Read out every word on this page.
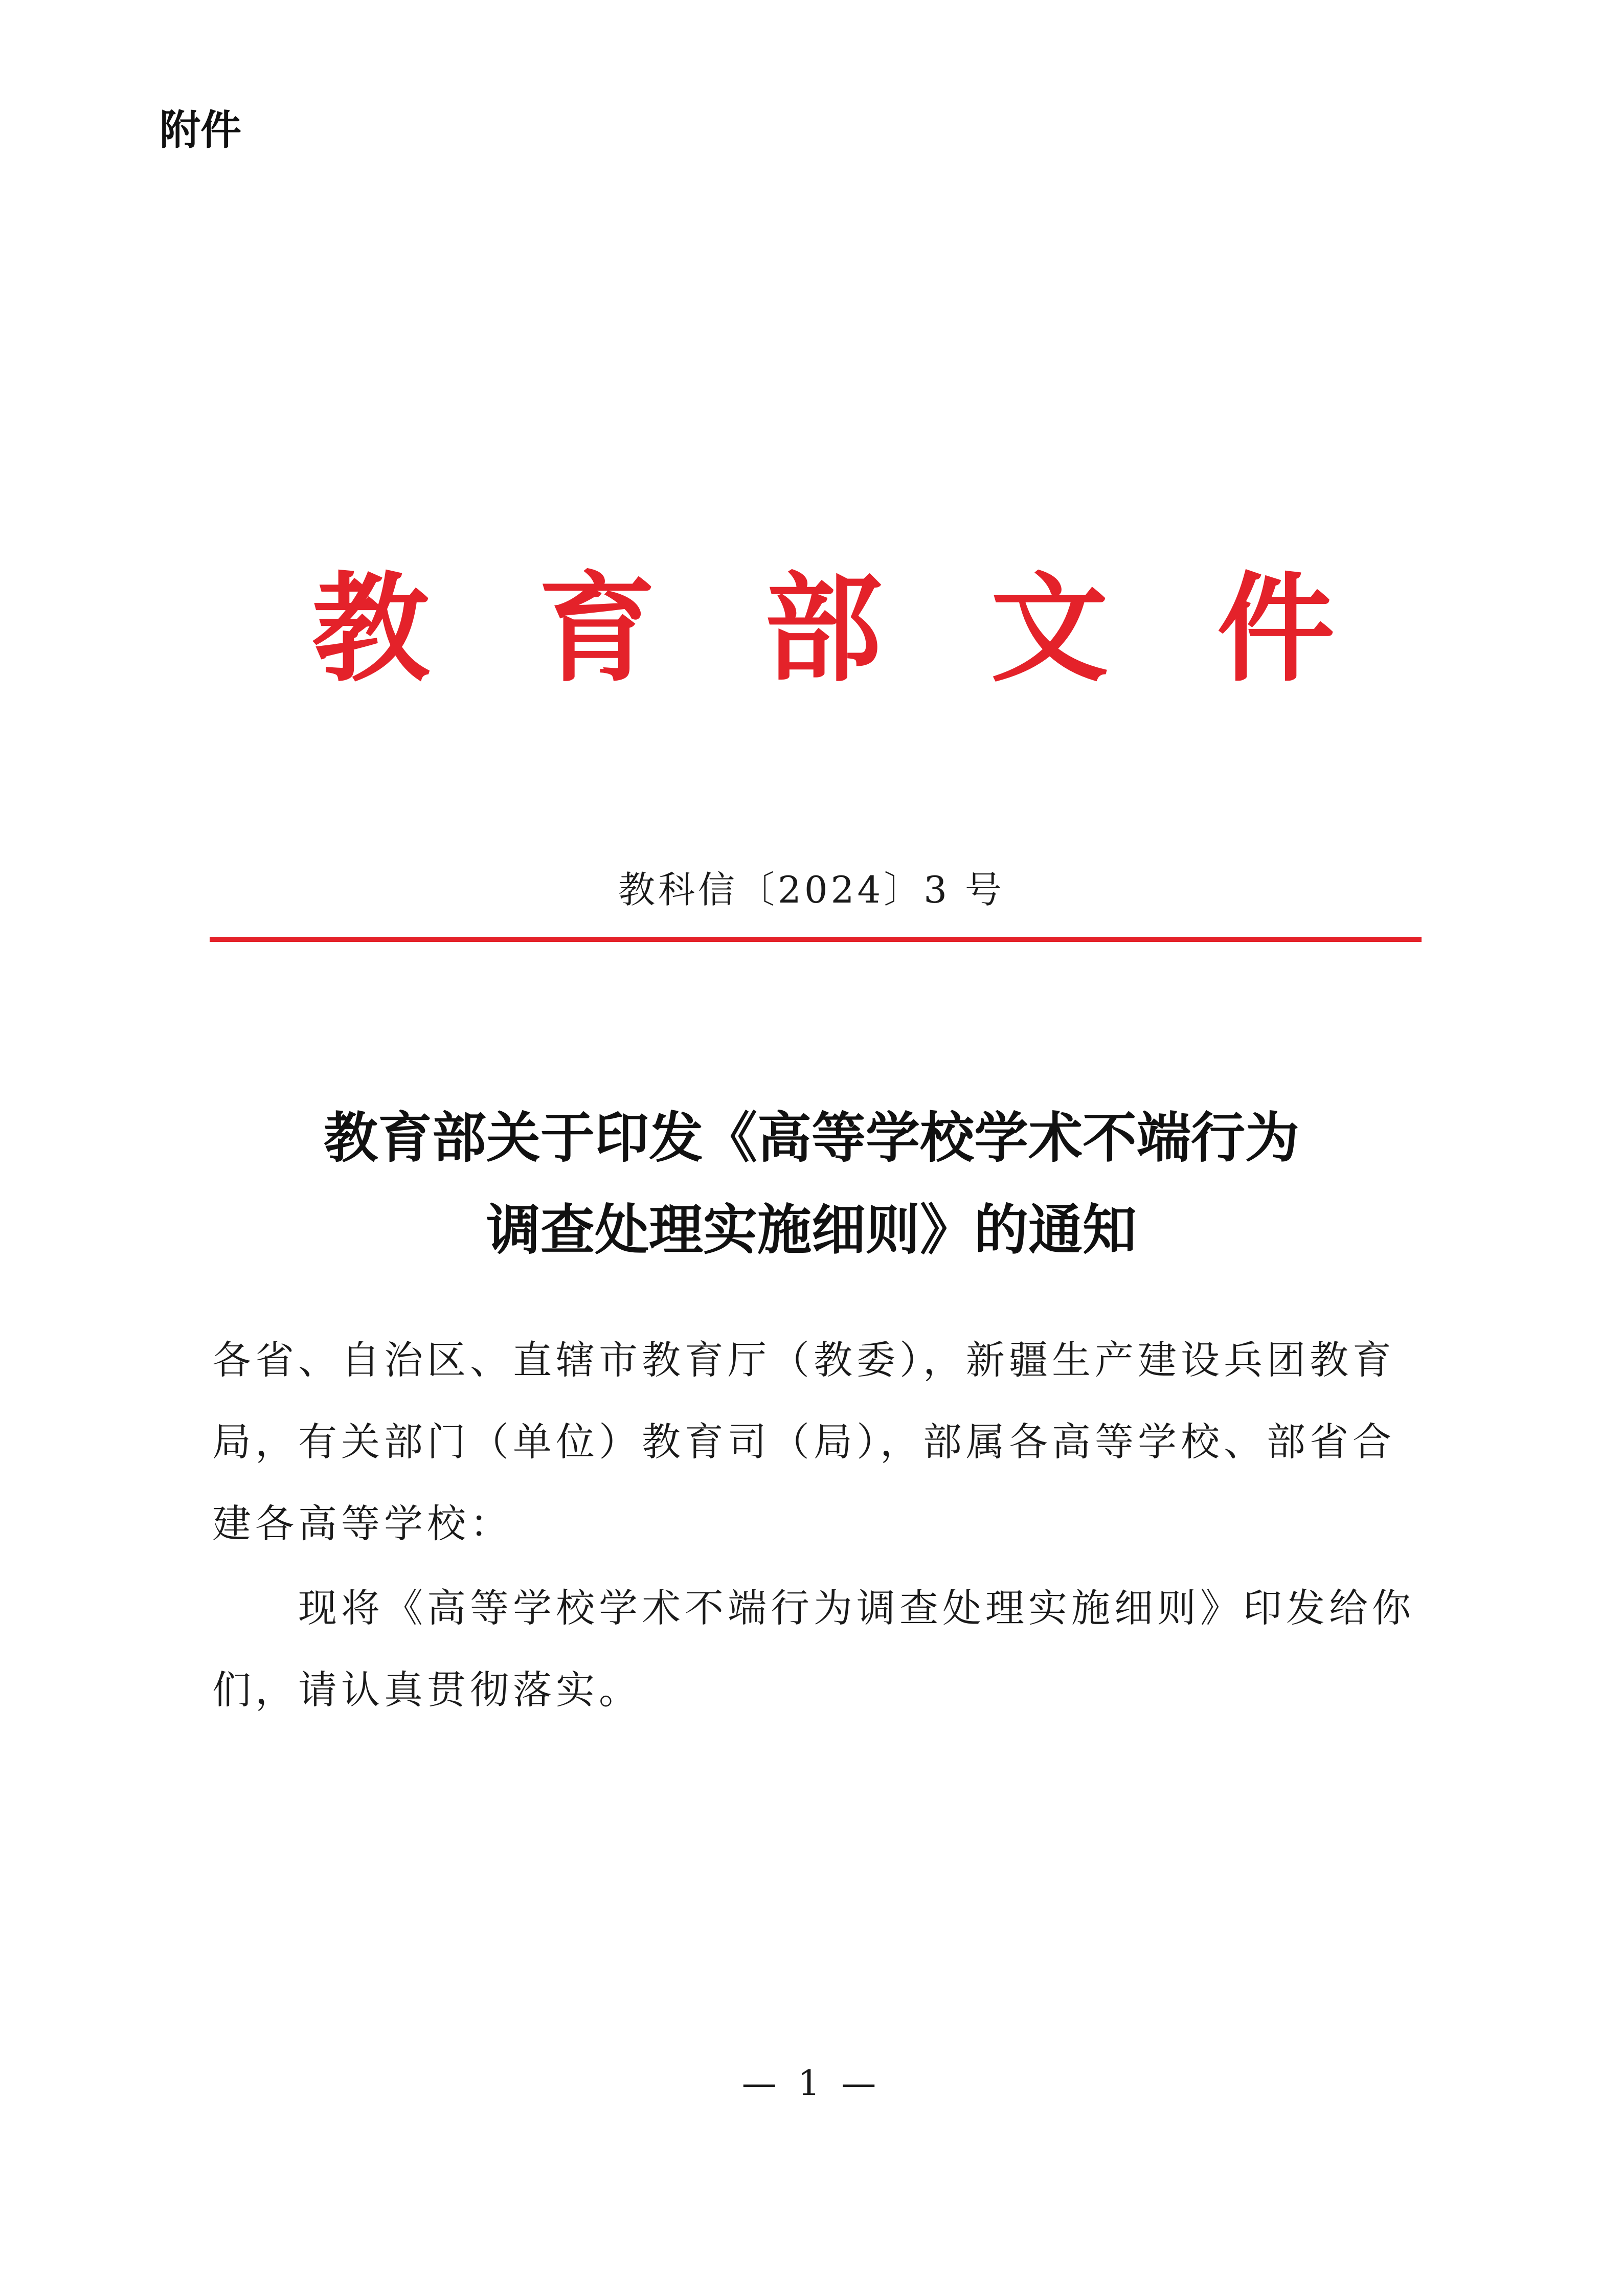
附件
教 育 部 文 件
教科信〔2024〕3 号
教育部关于印发《高等学校学术不端行为
调查处理实施细则》的通知
各省、自治区、直辖市教育厅（教委），新疆生产建设兵团教育局，有关部门（单位）教育司（局），部属各高等学校、部省合建各高等学校：
现将《高等学校学术不端行为调查处理实施细则》印发给你们，请认真贯彻落实。
— 1 —
